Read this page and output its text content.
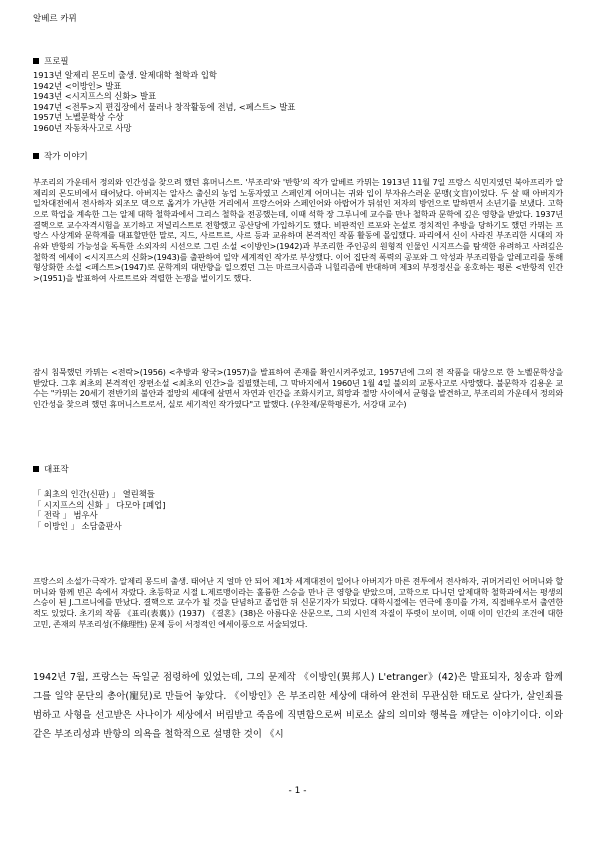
알베르 카뮈
프로필
1913년 알제리 몬도비 출생. 알제대학 철학과 입학
1942년 <이방인> 발표
1943년 <시지프스의 신화> 발표
1947년 <전투>지 편집장에서 물러나 창작활동에 전념, <페스트> 발표
1957년 노벨문학상 수상
1960년 자동차사고로 사망
작가 이야기

부조리의 가운데서 정의와 인간성을 찾으려 했던 휴머니스트. '부조리'와 '반항'의 작가 알베르 카뮈는 1913년 11월 7일 프랑스 식민지였던 북아프리카 알제리의 몬도비에서 태어났다. 아버지는 알사스 출신의 농업 노동자였고 스페인계 어머니는 귀와 입이 부자유스러운 문맹(文盲)이었다. 두 살 때 아버지가 일차대전에서 전사하자 외조모 댁으로 옮겨가 가난한 거리에서 프랑스어와 스페인어와 아랍어가 뒤섞인 저자의 방언으로 말하면서 소년기를 보냈다. 고학으로 학업을 계속한 그는 알제 대학 철학과에서 그리스 철학을 전공했는데, 이때 석학 장 그루니에 교수를 만나 철학과 문학에 깊은 영향을 받았다. 1937년 결핵으로 교수자격시험을 포기하고 저널리스트로 전향했고 공산당에 가입하기도 했다. 비판적인 르포와 논설로 정치적인 추방을 당하기도 했던 카뮈는 프랑스 사상계와 문학계를 대표할만한 말로, 지드, 사르트르, 사르 등과 교유하며 본격적인 작품 활동에 몰입했다. 파리에서 신이 사라진 부조리한 시대의 자유와 반항의 가능성을 독특한 소외자의 시선으로 그린 소설 <이방인>(1942)과 부조리한 주인공의 원형적 인물인 시지프스를 탐색한 유려하고 사려깊은 철학적 에세이 <시지프스의 신화>(1943)를 출판하여 일약 세계적인 작가로 부상했다. 이어 집단적 폭력의 공포와 그 악성과 부조리함을 알레고리를 통해 형상화한 소설 <페스트>(1947)로 문학계의 대반향을 일으켰던 그는 마르크시즘과 니힐리즘에 반대하며 제3의 부정정신을 옹호하는 평론 <반항적 인간>(1951)을 발표하여 사르트르와 격렬한 논쟁을 벌이기도 했다.

잠시 침묵했던 카뮈는 <전락>(1956) <추방과 왕국>(1957)을 발표하여 존재를 확인시켜주었고, 1957년에 그의 전 작품을 대상으로 한 노벨문학상을 받았다. 그후 최초의 본격적인 장편소설 <최초의 인간>을 집필했는데, 그 막바지에서 1960년 1월 4일 불의의 교통사고로 사망했다. 불문학자 김용운 교수는 "카뮈는 20세기 전반기의 불안과 절망의 세대에 살면서 자연과 인간을 조화시키고, 희망과 절망 사이에서 균형을 발견하고, 부조리의 가운데서 정의와 인간성을 찾으려 했던 휴머니스트로서, 실로 세기적인 작가였다"고 말했다. (우찬제/문학평론가, 서강대 교수)

대표작
「 최초의 인간(신판) 」 열린책들
「 시지프스의 신화 」 다모아 [폐업]
「 전락 」 범우사
「 이방인 」 소담출판사

프랑스의 소설가·극작가. 알제리 몽드비 출생. 태어난 지 얼마 안 되어 제1차 세계대전이 일어나 아버지가 마른 전투에서 전사하자, 귀머거리인 어머니와 할머니와 함께 빈곤 속에서 자랐다. 초등학교 시절 L.제르맹이라는 훌륭한 스승을 만나 큰 영향을 받았으며, 고학으로 다니던 알제대학 철학과에서는 평생의 스승이 된 J.그르니에를 만났다. 결핵으로 교수가 될 것을 단념하고 졸업한 뒤 신문기자가 되었다. 대학시절에는 연극에 흥미를 가져, 직접배우로서 출연한 적도 있었다. 초기의 작품 《표리(表裏)》(1937) 《결혼》(38)은 아름다운 산문으로, 그의 시인적 자질이 뚜렷이 보이며, 이때 이미 인간의 조건에 대한 고민, 존재의 부조리성(不條理性) 문제 등이 서정적인 에세이풍으로 서술되었다.

1942년 7월, 프랑스는 독일군 점령하에 있었는데, 그의 문제작 《이방인(異邦人) L'etranger》(42)은 발표되자, 칭송과 함께 그를 일약 문단의 총아(寵兒)로 만들어 놓았다. 《이방인》은 부조리한 세상에 대하여 완전히 무관심한 태도로 살다가, 살인죄를 범하고 사형을 선고받은 사나이가 세상에서 버림받고 죽음에 직면함으로써 비로소 삶의 의미와 행복을 깨닫는 이야기이다. 이와 같은 부조리성과 반항의 의욕을 철학적으로 설명한 것이 《시

- 1 -
